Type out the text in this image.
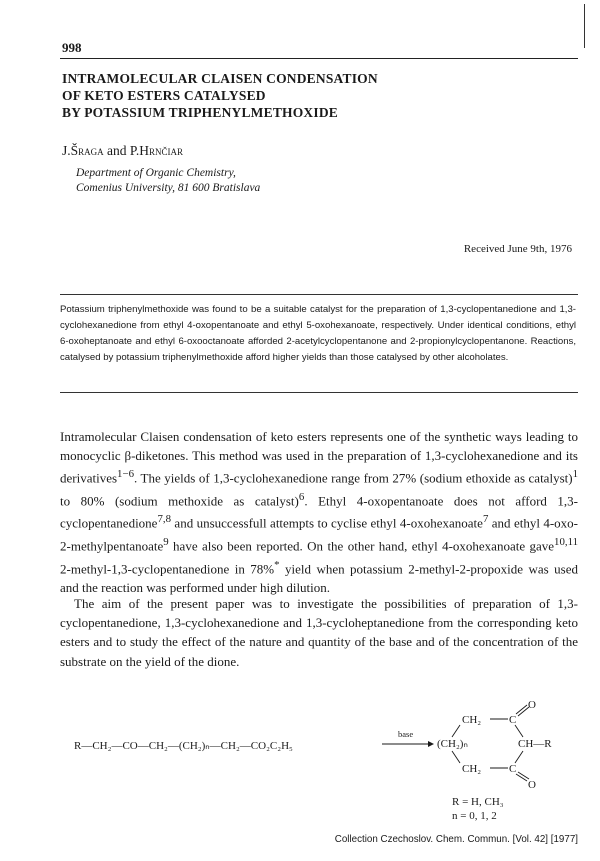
998
INTRAMOLECULAR CLAISEN CONDENSATION
OF KETO ESTERS CATALYSED
BY POTASSIUM TRIPHENYLMETHOXIDE
J.Šraga and P.Hrnčiar
Department of Organic Chemistry,
Comenius University, 81 600 Bratislava
Received June 9th, 1976
Potassium triphenylmethoxide was found to be a suitable catalyst for the preparation of 1,3-cyclopentanedione and 1,3-cyclohexanedione from ethyl 4-oxopentanoate and ethyl 5-oxohexanoate, respectively. Under identical conditions, ethyl 6-oxoheptanoate and ethyl 6-oxooctanoate afforded 2-acetylcyclopentanone and 2-propionylcyclopentanone. Reactions, catalysed by potassium triphenylmethoxide afford higher yields than those catalysed by other alcoholates.
Intramolecular Claisen condensation of keto esters represents one of the synthetic ways leading to monocyclic β-diketones. This method was used in the preparation of 1,3-cyclohexanedione and its derivatives$^{1-6}$. The yields of 1,3-cyclohexanedione range from 27% (sodium ethoxide as catalyst)$^1$ to 80% (sodium methoxide as catalyst)$^6$. Ethyl 4-oxopentanoate does not afford 1,3-cyclopentanedione$^{7,8}$ and unsuccessfull attempts to cyclise ethyl 4-oxohexanoate$^7$ and ethyl 4-oxo-2-methylpentanoate$^9$ have also been reported. On the other hand, ethyl 4-oxohexanoate gave$^{10,11}$ 2-methyl-1,3-cyclopentanedione in 78%* yield when potassium 2-methyl-2-propoxide was used and the reaction was performed under high dilution.
The aim of the present paper was to investigate the possibilities of preparation of 1,3-cyclopentanedione, 1,3-cyclohexanedione and 1,3-cycloheptanedione from the corresponding keto esters and to study the effect of the nature and quantity of the base and of the concentration of the substrate on the yield of the dione.
R—CH₂—CO—CH₂—(CH₂)ₙ—CH₂—CO₂C₂H₅
base
CH₂	C
O
(CH₂)ₙ	CH—R
CH₂	C
O
R = H, CH₃
n = 0, 1, 2
Collection Czechoslov. Chem. Commun. [Vol. 42] [1977]
